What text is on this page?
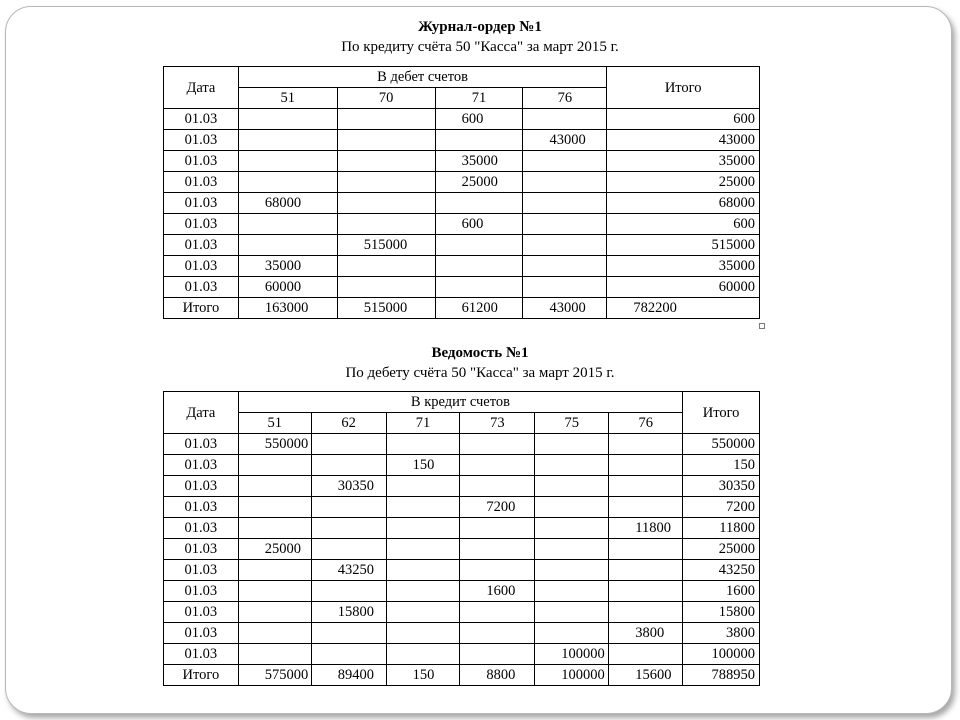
Журнал-ордер №1
По кредиту счёта 50 "Касса" за март 2015 г.
Дата	В дебет счетов				Итого
	51	70	71	76	
01.03			600		600
01.03				43000	43000
01.03			35000		35000
01.03			25000		25000
01.03	68000				68000
01.03			600		600
01.03		515000			515000
01.03	35000				35000
01.03	60000				60000
Итого	163000	515000	61200	43000	782200
Ведомость №1
По дебету счёта 50 "Касса" за март 2015 г.
Дата	В кредит счетов						Итого
	51	62	71	73	75	76	
01.03	550000						550000
01.03			150				150
01.03		30350					30350
01.03				7200			7200
01.03						11800	11800
01.03	25000						25000
01.03		43250					43250
01.03				1600			1600
01.03		15800					15800
01.03						3800	3800
01.03					100000		100000
Итого	575000	89400	150	8800	100000	15600	788950
